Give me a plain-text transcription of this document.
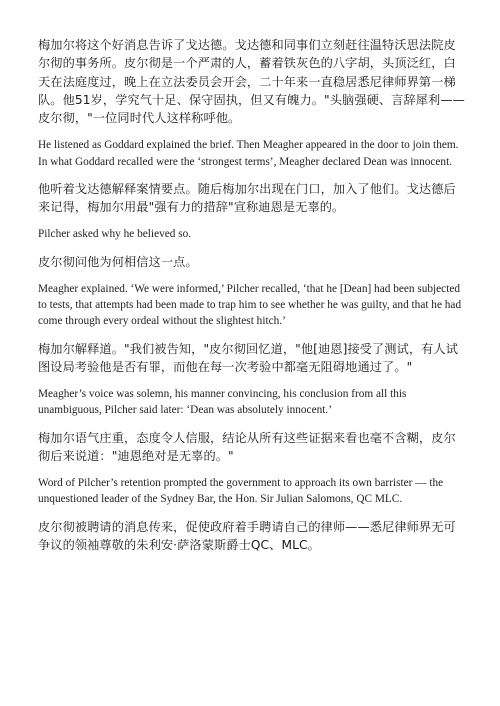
梅加尔将这个好消息告诉了戈达德。戈达德和同事们立刻赶往温特沃思法院皮尔彻的事务所。皮尔彻是一个严肃的人，蓄着铁灰色的八字胡，头顶泛红，白天在法庭度过，晚上在立法委员会开会，二十年来一直稳居悉尼律师界第一梯队。他51岁，学究气十足、保守固执，但又有魄力。"头脑强硬、言辞犀利——皮尔彻，"一位同时代人这样称呼他。

He listened as Goddard explained the brief. Then Meagher appeared in the door to join them. In what Goddard recalled were the ‘strongest terms’, Meagher declared Dean was innocent.

他听着戈达德解释案情要点。随后梅加尔出现在门口，加入了他们。戈达德后来记得，梅加尔用最"强有力的措辞"宣称迪恩是无辜的。

Pilcher asked why he believed so.

皮尔彻问他为何相信这一点。

Meagher explained. ‘We were informed,’ Pilcher recalled, ‘that he [Dean] had been subjected to tests, that attempts had been made to trap him to see whether he was guilty, and that he had come through every ordeal without the slightest hitch.’

梅加尔解释道。"我们被告知，"皮尔彻回忆道，"他[迪恩]接受了测试，有人试图设局考验他是否有罪，而他在每一次考验中都毫无阻碍地通过了。"

Meagher’s voice was solemn, his manner convincing, his conclusion from all this unambiguous, Pilcher said later: ‘Dean was absolutely innocent.’

梅加尔语气庄重，态度令人信服，结论从所有这些证据来看也毫不含糊，皮尔彻后来说道："迪恩绝对是无辜的。"

Word of Pilcher’s retention prompted the government to approach its own barrister — the unquestioned leader of the Sydney Bar, the Hon. Sir Julian Salomons, QC MLC.

皮尔彻被聘请的消息传来，促使政府着手聘请自己的律师——悉尼律师界无可争议的领袖尊敬的朱利安·萨洛蒙斯爵士QC、MLC。
